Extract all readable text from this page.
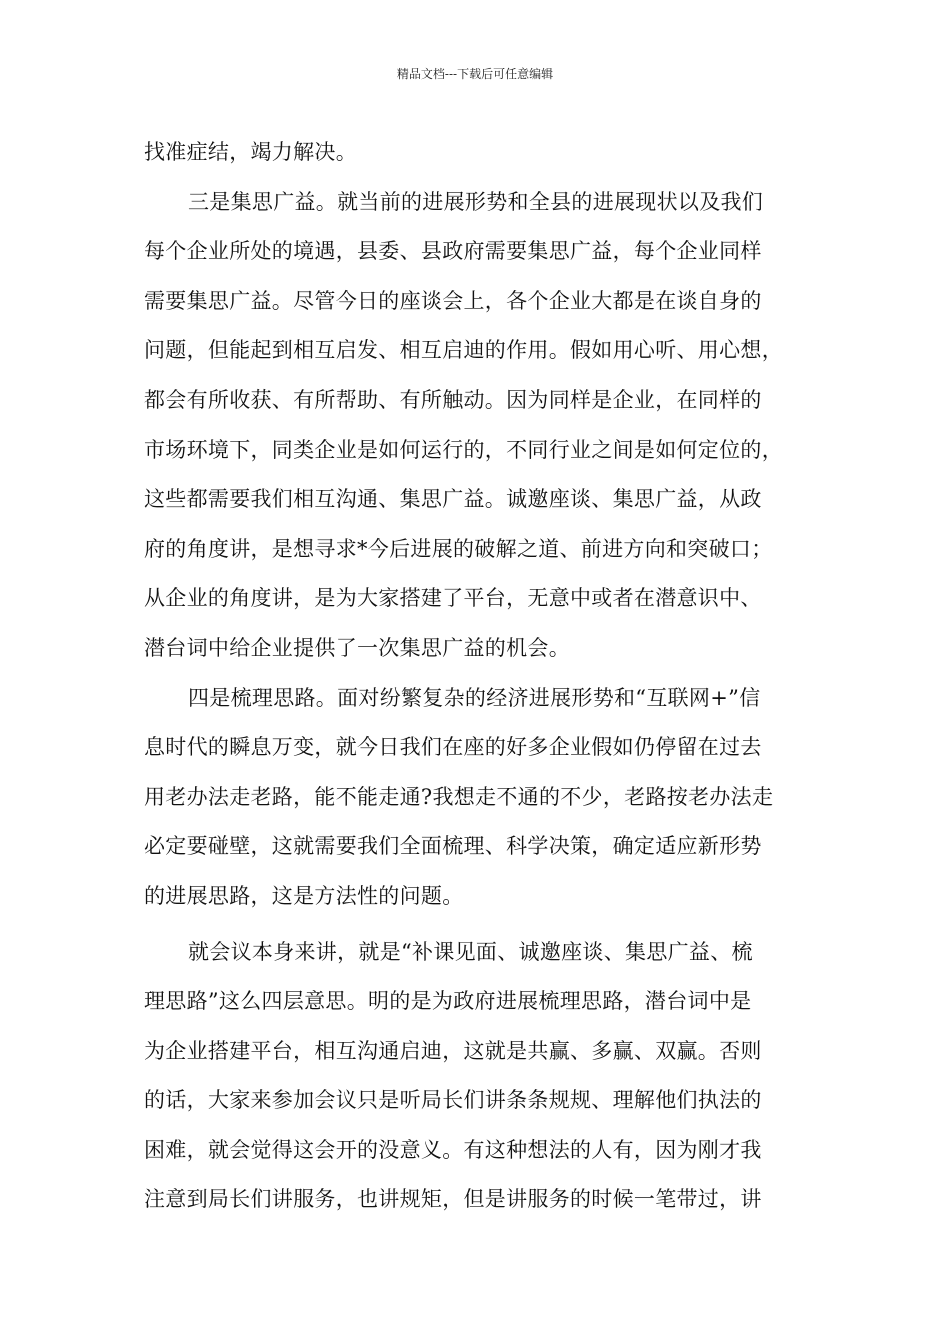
精品文档---下载后可任意编辑
找准症结，竭力解决。
三是集思广益。就当前的进展形势和全县的进展现状以及我们
每个企业所处的境遇，县委、县政府需要集思广益，每个企业同样
需要集思广益。尽管今日的座谈会上，各个企业大都是在谈自身的
问题，但能起到相互启发、相互启迪的作用。假如用心听、用心想，
都会有所收获、有所帮助、有所触动。因为同样是企业，在同样的
市场环境下，同类企业是如何运行的，不同行业之间是如何定位的，
这些都需要我们相互沟通、集思广益。诚邀座谈、集思广益，从政
府的角度讲，是想寻求*今后进展的破解之道、前进方向和突破口；
从企业的角度讲，是为大家搭建了平台，无意中或者在潜意识中、
潜台词中给企业提供了一次集思广益的机会。
四是梳理思路。面对纷繁复杂的经济进展形势和“互联网+”信
息时代的瞬息万变，就今日我们在座的好多企业假如仍停留在过去
用老办法走老路，能不能走通?我想走不通的不少，老路按老办法走
必定要碰壁，这就需要我们全面梳理、科学决策，确定适应新形势
的进展思路，这是方法性的问题。
就会议本身来讲，就是“补课见面、诚邀座谈、集思广益、梳
理思路”这么四层意思。明的是为政府进展梳理思路，潜台词中是
为企业搭建平台，相互沟通启迪，这就是共赢、多赢、双赢。否则
的话，大家来参加会议只是听局长们讲条条规规、理解他们执法的
困难，就会觉得这会开的没意义。有这种想法的人有，因为刚才我
注意到局长们讲服务，也讲规矩，但是讲服务的时候一笔带过，讲
